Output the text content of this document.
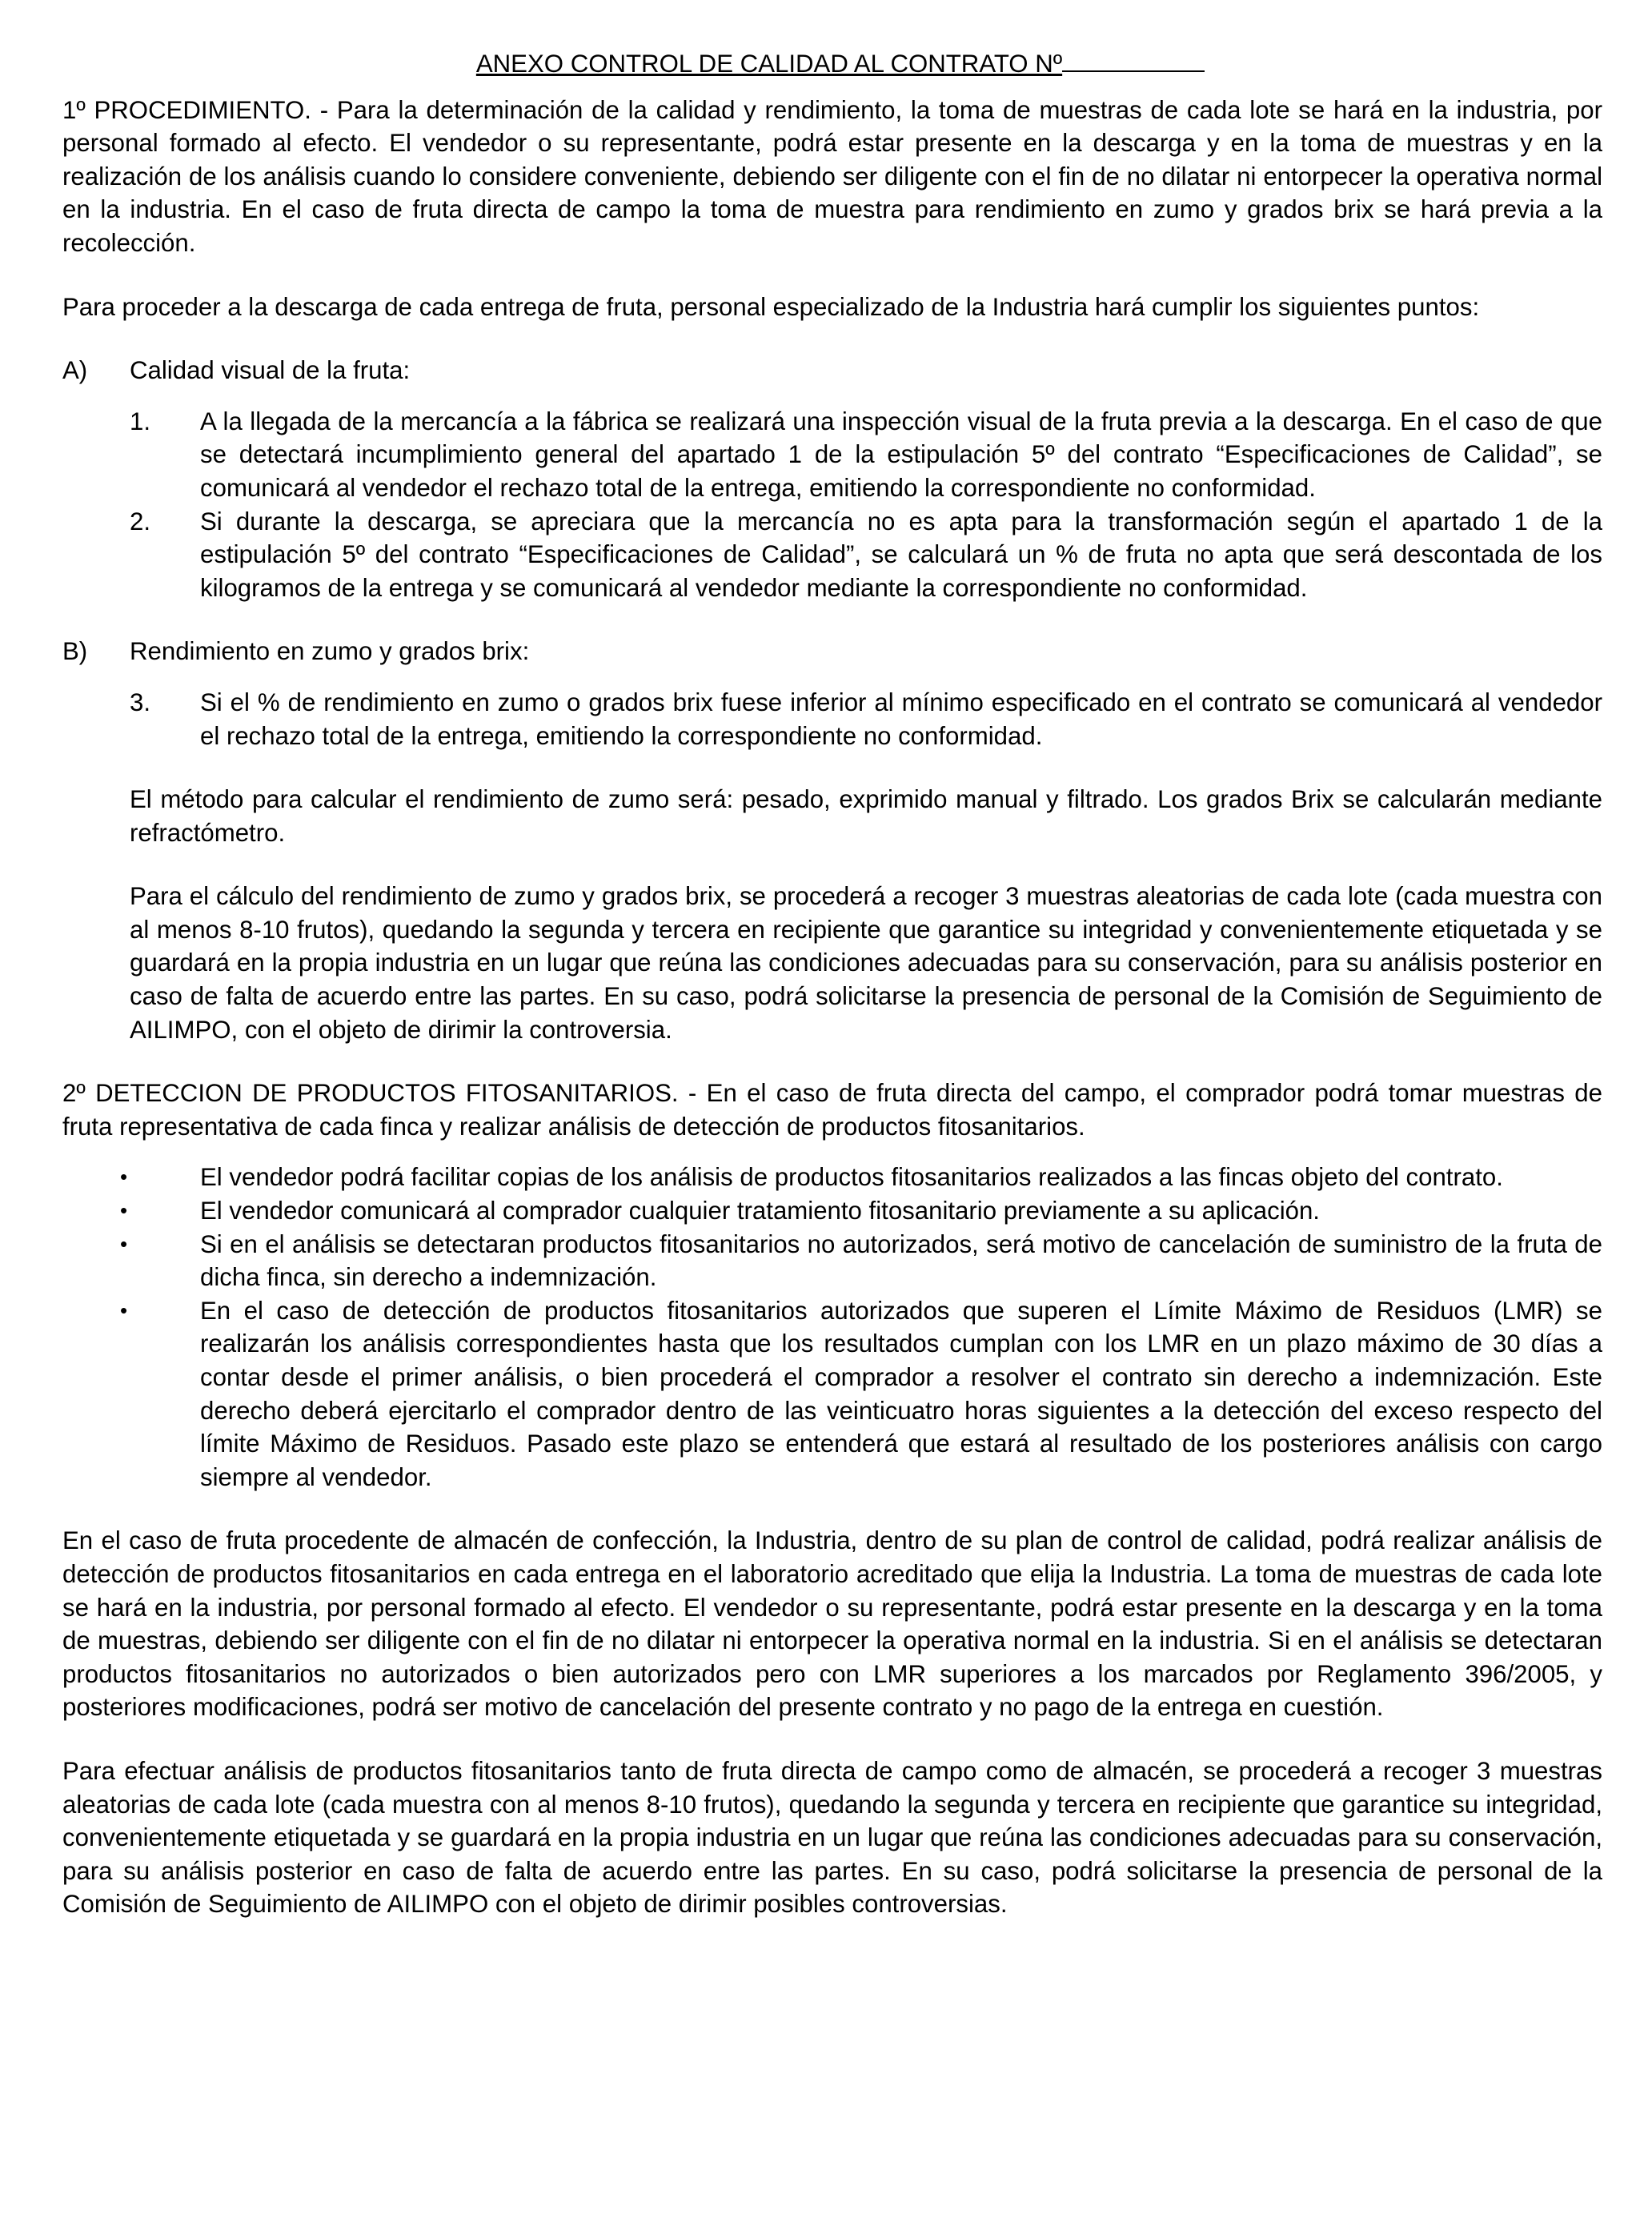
ANEXO CONTROL DE CALIDAD AL CONTRATO Nº

1º PROCEDIMIENTO. - Para la determinación de la calidad y rendimiento, la toma de muestras de cada lote se hará en la industria, por personal formado al efecto. El vendedor o su representante, podrá estar presente en la descarga y en la toma de muestras y en la realización de los análisis cuando lo considere conveniente, debiendo ser diligente con el fin de no dilatar ni entorpecer la operativa normal en la industria. En el caso de fruta directa de campo la toma de muestra para rendimiento en zumo y grados brix se hará previa a la recolección.

Para proceder a la descarga de cada entrega de fruta, personal especializado de la Industria hará cumplir los siguientes puntos:

A)	Calidad visual de la fruta:
1.	A la llegada de la mercancía a la fábrica se realizará una inspección visual de la fruta previa a la descarga. En el caso de que se detectará incumplimiento general del apartado 1 de la estipulación 5º del contrato “Especificaciones de Calidad”, se comunicará al vendedor el rechazo total de la entrega, emitiendo la correspondiente no conformidad.
2.	Si durante la descarga, se apreciara que la mercancía no es apta para la transformación según el apartado 1 de la estipulación 5º del contrato “Especificaciones de Calidad”, se calculará un % de fruta no apta que será descontada de los kilogramos de la entrega y se comunicará al vendedor mediante la correspondiente no conformidad.
B)	Rendimiento en zumo y grados brix:
3.	Si el % de rendimiento en zumo o grados brix fuese inferior al mínimo especificado en el contrato se comunicará al vendedor el rechazo total de la entrega, emitiendo la correspondiente no conformidad.

El método para calcular el rendimiento de zumo será: pesado, exprimido manual y filtrado. Los grados Brix se calcularán mediante refractómetro.

Para el cálculo del rendimiento de zumo y grados brix, se procederá a recoger 3 muestras aleatorias de cada lote (cada muestra con al menos 8-10 frutos), quedando la segunda y tercera en recipiente que garantice su integridad y convenientemente etiquetada y se guardará en la propia industria en un lugar que reúna las condiciones adecuadas para su conservación, para su análisis posterior en caso de falta de acuerdo entre las partes. En su caso, podrá solicitarse la presencia de personal de la Comisión de Seguimiento de AILIMPO, con el objeto de dirimir la controversia.

2º DETECCION DE PRODUCTOS FITOSANITARIOS. - En el caso de fruta directa del campo, el comprador podrá tomar muestras de fruta representativa de cada finca y realizar análisis de detección de productos fitosanitarios.

•	El vendedor podrá facilitar copias de los análisis de productos fitosanitarios realizados a las fincas objeto del contrato.
•	El vendedor comunicará al comprador cualquier tratamiento fitosanitario previamente a su aplicación.
•	Si en el análisis se detectaran productos fitosanitarios no autorizados, será motivo de cancelación de suministro de la fruta de dicha finca, sin derecho a indemnización.
•	En el caso de detección de productos fitosanitarios autorizados que superen el Límite Máximo de Residuos (LMR) se realizarán los análisis correspondientes hasta que los resultados cumplan con los LMR en un plazo máximo de 30 días a contar desde el primer análisis, o bien procederá el comprador a resolver el contrato sin derecho a indemnización. Este derecho deberá ejercitarlo el comprador dentro de las veinticuatro horas siguientes a la detección del exceso respecto del límite Máximo de Residuos. Pasado este plazo se entenderá que estará al resultado de los posteriores análisis con cargo siempre al vendedor.

En el caso de fruta procedente de almacén de confección, la Industria, dentro de su plan de control de calidad, podrá realizar análisis de detección de productos fitosanitarios en cada entrega en el laboratorio acreditado que elija la Industria. La toma de muestras de cada lote se hará en la industria, por personal formado al efecto. El vendedor o su representante, podrá estar presente en la descarga y en la toma de muestras, debiendo ser diligente con el fin de no dilatar ni entorpecer la operativa normal en la industria. Si en el análisis se detectaran productos fitosanitarios no autorizados o bien autorizados pero con LMR superiores a los marcados por Reglamento 396/2005, y posteriores modificaciones, podrá ser motivo de cancelación del presente contrato y no pago de la entrega en cuestión.

Para efectuar análisis de productos fitosanitarios tanto de fruta directa de campo como de almacén, se procederá a recoger 3 muestras aleatorias de cada lote (cada muestra con al menos 8-10 frutos), quedando la segunda y tercera en recipiente que garantice su integridad, convenientemente etiquetada y se guardará en la propia industria en un lugar que reúna las condiciones adecuadas para su conservación, para su análisis posterior en caso de falta de acuerdo entre las partes. En su caso, podrá solicitarse la presencia de personal de la Comisión de Seguimiento de AILIMPO con el objeto de dirimir posibles controversias.
